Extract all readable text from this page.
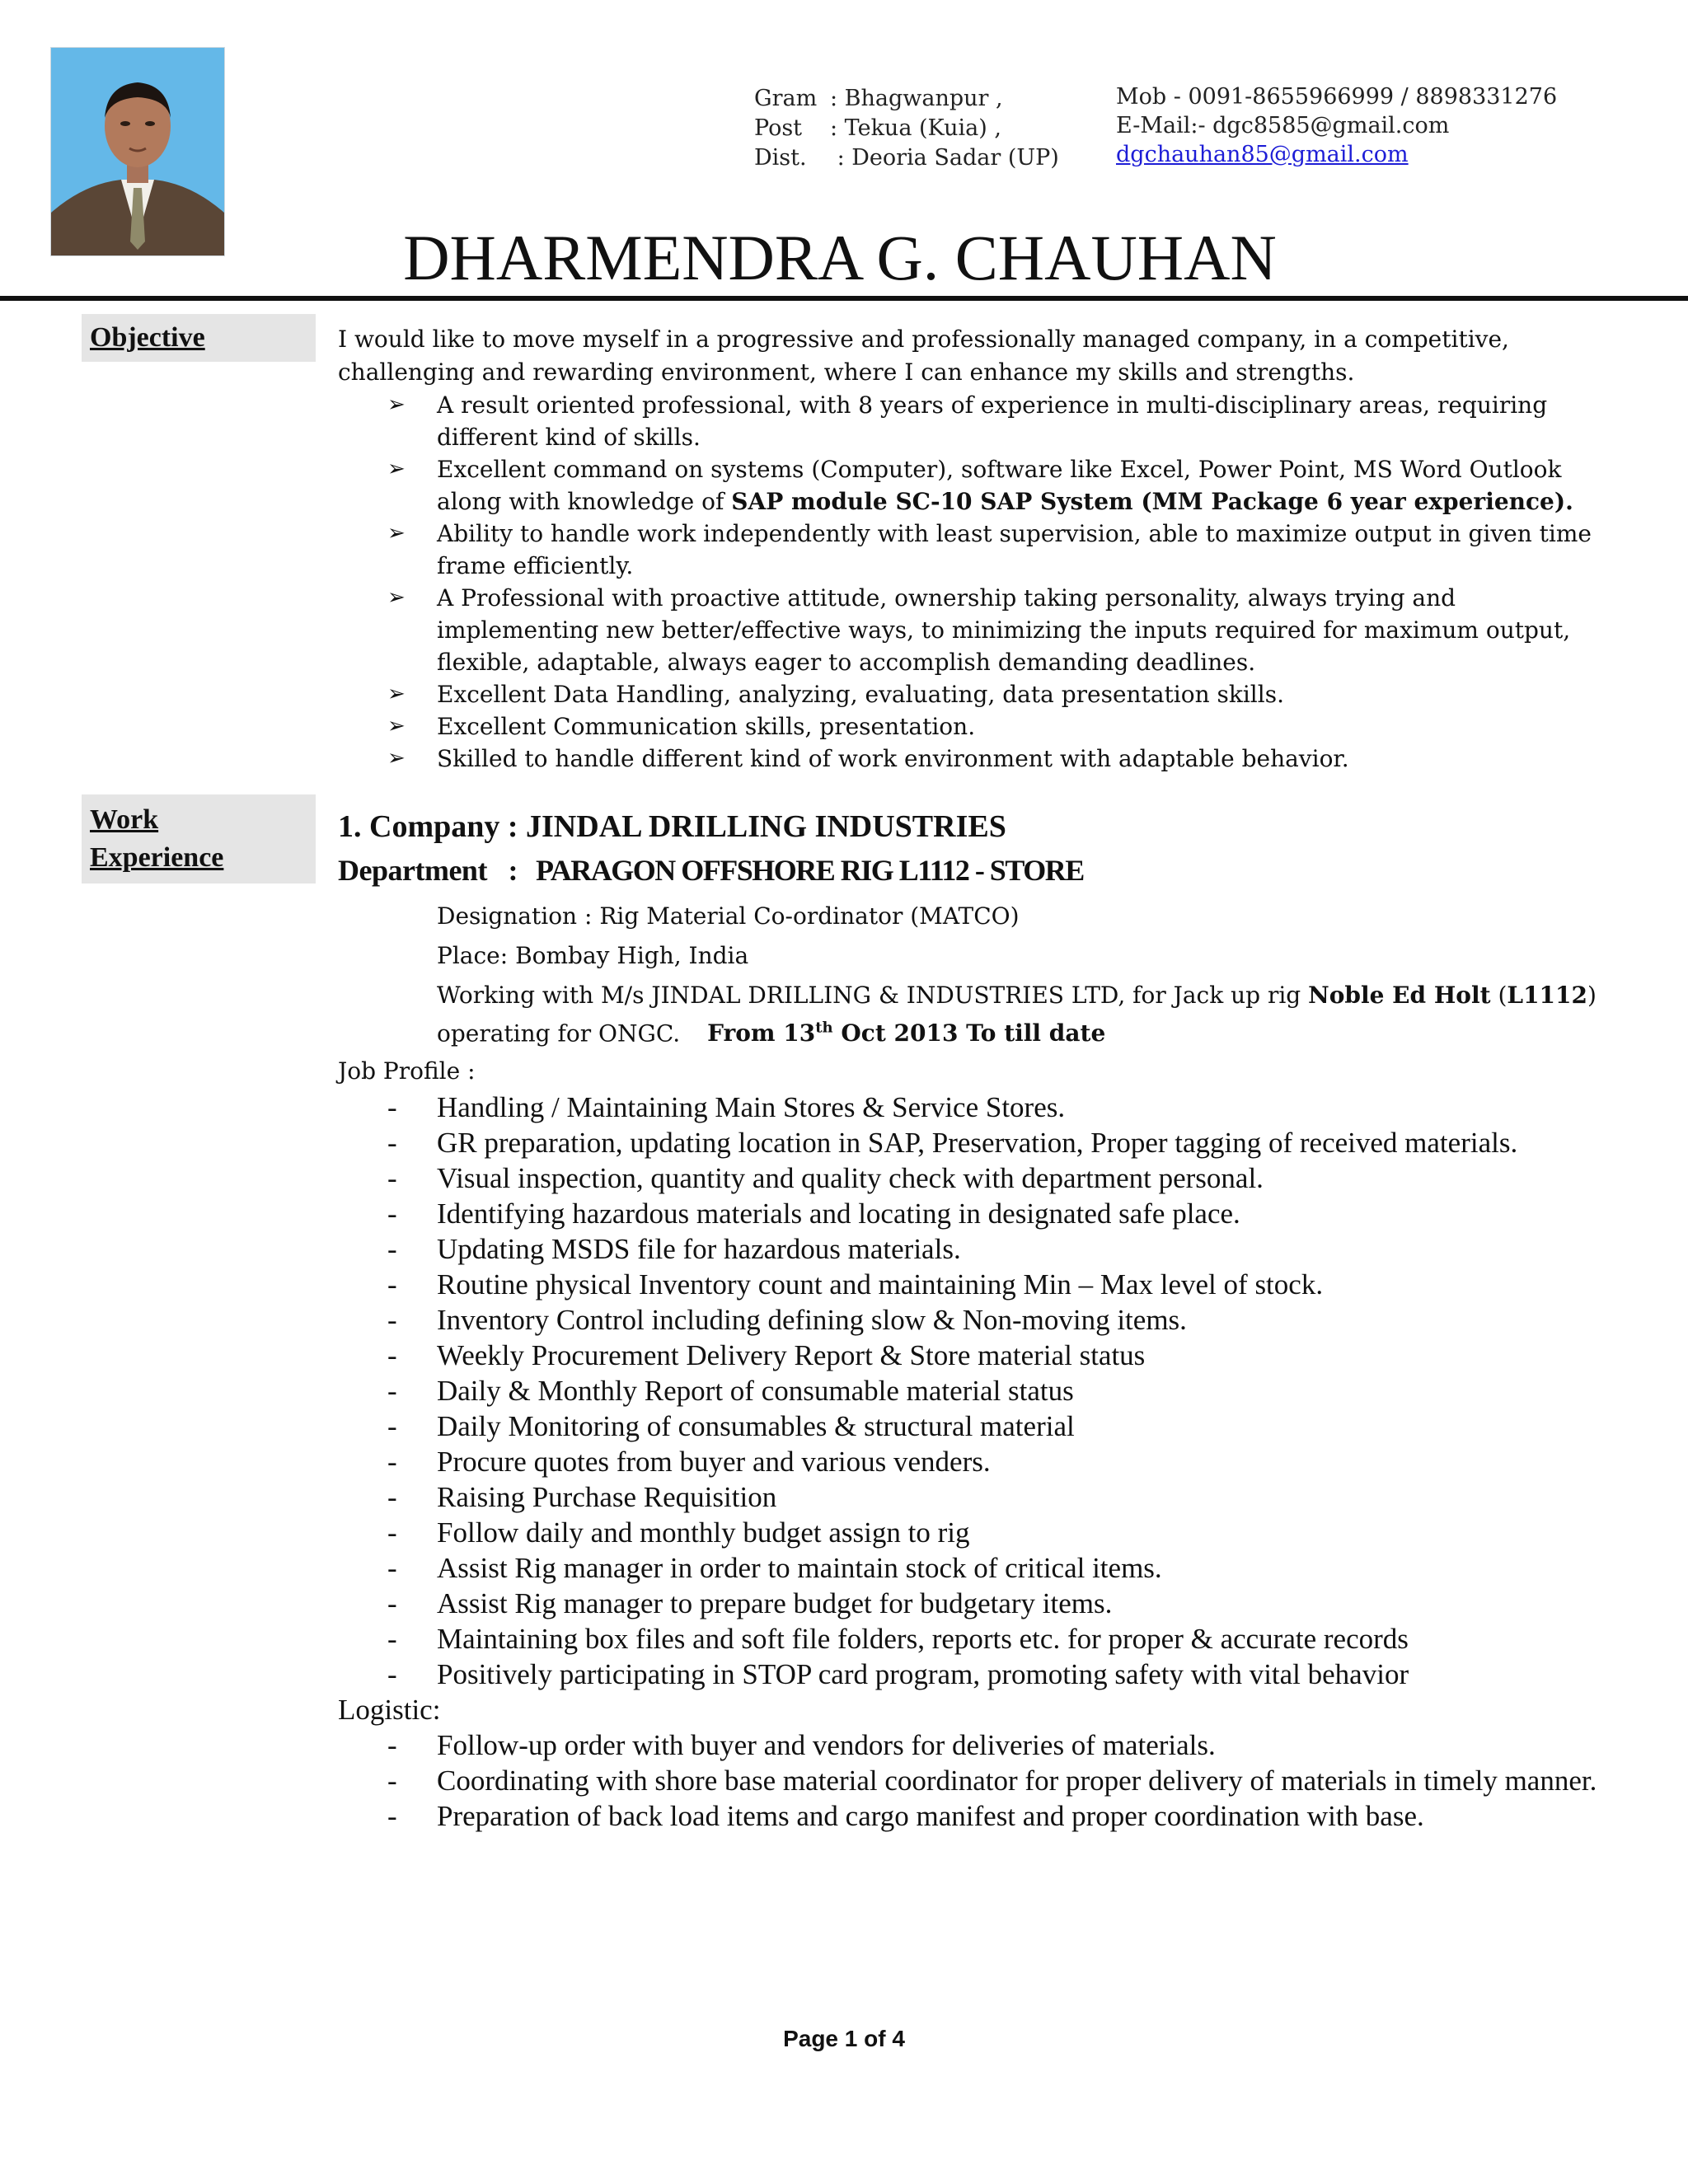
Gram : Bhagwanpur ,
Post	: Tekua (Kuia) ,
Dist.	: Deoria Sadar (UP)
Mob - 0091-8655966999 / 8898331276
E-Mail:- dgc8585@gmail.com
dgchauhan85@gmail.com
DHARMENDRA G. CHAUHAN
Objective	I would like to move myself in a progressive and professionally managed company, in a competitive, challenging and rewarding environment, where I can enhance my skills and strengths.
➢ A result oriented professional, with 8 years of experience in multi-disciplinary areas, requiring different kind of skills.
➢ Excellent command on systems (Computer), software like Excel, Power Point, MS Word Outlook along with knowledge of SAP module SC-10 SAP System (MM Package 6 year experience).
➢ Ability to handle work independently with least supervision, able to maximize output in given time frame efficiently.
➢ A Professional with proactive attitude, ownership taking personality, always trying and implementing new better/effective ways, to minimizing the inputs required for maximum output, flexible, adaptable, always eager to accomplish demanding deadlines.
➢ Excellent Data Handling, analyzing, evaluating, data presentation skills.
➢ Excellent Communication skills, presentation.
➢ Skilled to handle different kind of work environment with adaptable behavior.
Work
Experience
1. Company : JINDAL DRILLING INDUSTRIES
Department   : PARAGON OFFSHORE RIG L1112 - STORE
Designation : Rig Material Co-ordinator (MATCO)
Place: Bombay High, India
Working with M/s JINDAL DRILLING & INDUSTRIES LTD, for Jack up rig Noble Ed Holt (L1112)
operating for ONGC. From 13th Oct 2013 To till date
Job Profile :
- Handling / Maintaining Main Stores & Service Stores.
- GR preparation, updating location in SAP, Preservation, Proper tagging of received materials.
- Visual inspection, quantity and quality check with department personal.
- Identifying hazardous materials and locating in designated safe place.
- Updating MSDS file for hazardous materials.
- Routine physical Inventory count and maintaining Min – Max level of stock.
- Inventory Control including defining slow & Non-moving items.
- Weekly Procurement Delivery Report & Store material status
- Daily & Monthly Report of consumable material status
- Daily Monitoring of consumables & structural material
- Procure quotes from buyer and various venders.
- Raising Purchase Requisition
- Follow daily and monthly budget assign to rig
- Assist Rig manager in order to maintain stock of critical items.
- Assist Rig manager to prepare budget for budgetary items.
- Maintaining box files and soft file folders, reports etc. for proper & accurate records
- Positively participating in STOP card program, promoting safety with vital behavior
Logistic:
- Follow-up order with buyer and vendors for deliveries of materials.
- Coordinating with shore base material coordinator for proper delivery of materials in timely manner.
- Preparation of back load items and cargo manifest and proper coordination with base.
Page 1 of 4
